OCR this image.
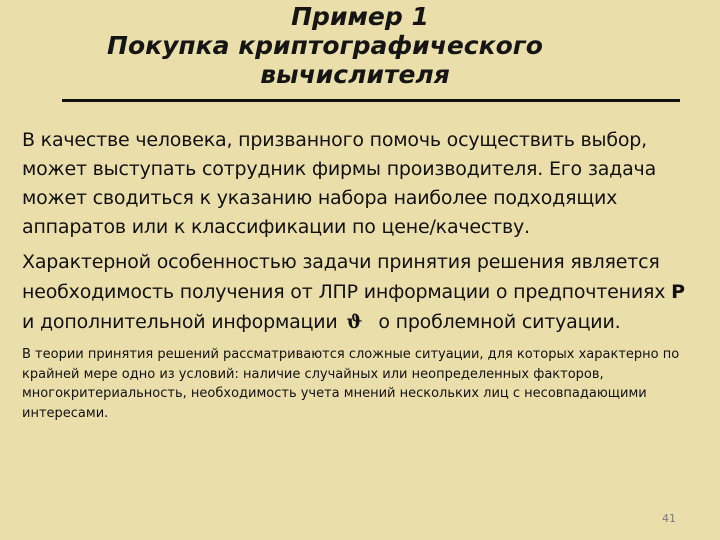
Пример 1

Покупка криптографического
вычислителя

В качестве человека, призванного помочь осуществить выбор, может выступать сотрудник фирмы производителя. Его задача может сводиться к указанию набора наиболее подходящих аппаратов или к классификации по цене/качеству.

Характерной особенностью задачи принятия решения является необходимость получения от ЛПР информации о предпочтениях P и дополнительной информации ϑ о проблемной ситуации.

В теории принятия решений рассматриваются сложные ситуации, для которых характерно по крайней мере одно из условий: наличие случайных или неопределенных факторов, многокритериальность, необходимость учета мнений нескольких лиц с несовпадающими интересами.

41
